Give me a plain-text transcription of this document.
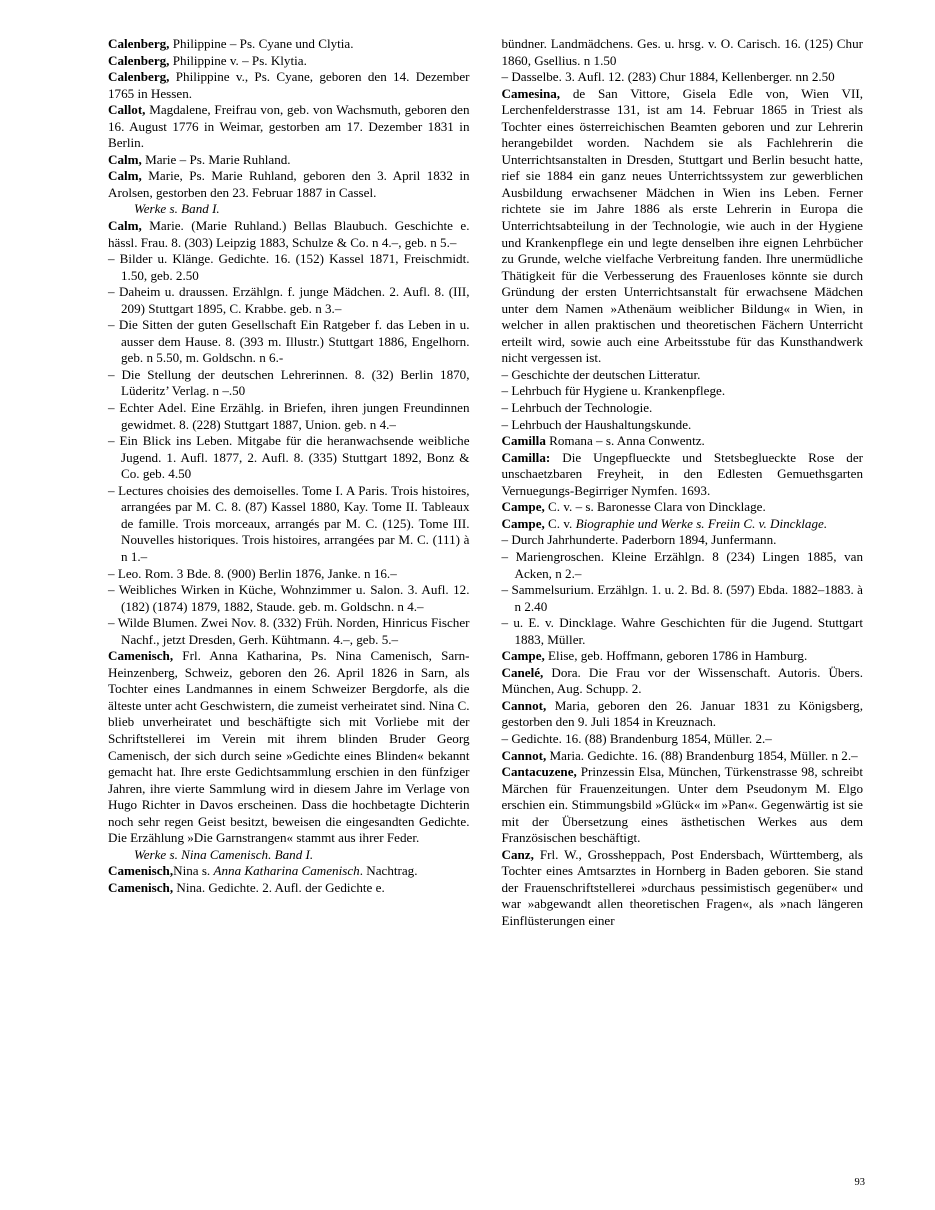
Calenberg, Philippine – Ps. Cyane und Clytia.

Calenberg, Philippine v. – Ps. Klytia.

Calenberg, Philippine v., Ps. Cyane, geboren den 14. Dezember 1765 in Hessen.

Callot, Magdalene, Freifrau von, geb. von Wachsmuth, geboren den 16. August 1776 in Weimar, gestorben am 17. Dezember 1831 in Berlin.

Calm, Marie – Ps. Marie Ruhland.

Calm, Marie, Ps. Marie Ruhland, geboren den 3. April 1832 in Arolsen, gestorben den 23. Februar 1887 in Cassel.

Werke s. Band I.

Calm, Marie. (Marie Ruhland.) Bellas Blaubuch. Geschichte e. hässl. Frau. 8. (303) Leipzig 1883, Schulze & Co. n 4.–, geb. n 5.–

– Bilder u. Klänge. Gedichte. 16. (152) Kassel 1871, Freischmidt. 1.50, geb. 2.50

– Daheim u. draussen. Erzählgn. f. junge Mädchen. 2. Aufl. 8. (III, 209) Stuttgart 1895, C. Krabbe. geb. n 3.–

– Die Sitten der guten Gesellschaft Ein Ratgeber f. das Leben in u. ausser dem Hause. 8. (393 m. Illustr.) Stuttgart 1886, Engelhorn. geb. n 5.50, m. Goldschn. n 6.-

– Die Stellung der deutschen Lehrerinnen. 8. (32) Berlin 1870, Lüderitz’ Verlag. n –.50

– Echter Adel. Eine Erzählg. in Briefen, ihren jungen Freundinnen gewidmet. 8. (228) Stuttgart 1887, Union. geb. n 4.–

– Ein Blick ins Leben. Mitgabe für die heranwachsende weibliche Jugend. 1. Aufl. 1877, 2. Aufl. 8. (335) Stuttgart 1892, Bonz & Co. geb. 4.50

– Lectures choisies des demoiselles. Tome I. A Paris. Trois histoires, arrangées par M. C. 8. (87) Kassel 1880, Kay. Tome II. Tableaux de famille. Trois morceaux, arrangés par M. C. (125). Tome III. Nouvelles historiques. Trois histoires, arrangées par M. C. (111) à n 1.–

– Leo. Rom. 3 Bde. 8. (900) Berlin 1876, Janke. n 16.–

– Weibliches Wirken in Küche, Wohnzimmer u. Salon. 3. Aufl. 12. (182) (1874) 1879, 1882, Staude. geb. m. Goldschn. n 4.–

– Wilde Blumen. Zwei Nov. 8. (332) Früh. Norden, Hinricus Fischer Nachf., jetzt Dresden, Gerh. Kühtmann. 4.–, geb. 5.–

Camenisch, Frl. Anna Katharina, Ps. Nina Camenisch, Sarn-Heinzenberg, Schweiz, geboren den 26. April 1826 in Sarn, als Tochter eines Landmannes in einem Schweizer Bergdorfe, als die älteste unter acht Geschwistern, die zumeist verheiratet sind. Nina C. blieb unverheiratet und beschäftigte sich mit Vorliebe mit der Schriftstellerei im Verein mit ihrem blinden Bruder Georg Camenisch, der sich durch seine »Gedichte eines Blinden« bekannt gemacht hat. Ihre erste Gedichtsammlung erschien in den fünfziger Jahren, ihre vierte Sammlung wird in diesem Jahre im Verlage von Hugo Richter in Davos erscheinen. Dass die hochbetagte Dichterin noch sehr regen Geist besitzt, beweisen die eingesandten Gedichte. Die Erzählung »Die Garnstrangen« stammt aus ihrer Feder.

Werke s. Nina Camenisch. Band I.

Camenisch,Nina s. Anna Katharina Camenisch. Nachtrag.

Camenisch, Nina. Gedichte. 2. Aufl. der Gedichte e.

bündner. Landmädchens. Ges. u. hrsg. v. O. Carisch. 16. (125) Chur 1860, Gsellius. n 1.50

– Dasselbe. 3. Aufl. 12. (283) Chur 1884, Kellenberger. nn 2.50

Camesina, de San Vittore, Gisela Edle von, Wien VII, Lerchenfelderstrasse 131, ist am 14. Februar 1865 in Triest als Tochter eines österreichischen Beamten geboren und zur Lehrerin herangebildet worden. Nachdem sie als Fachlehrerin die Unterrichtsanstalten in Dresden, Stuttgart und Berlin besucht hatte, rief sie 1884 ein ganz neues Unterrichtssystem zur gewerblichen Ausbildung erwachsener Mädchen in Wien ins Leben. Ferner richtete sie im Jahre 1886 als erste Lehrerin in Europa die Unterrichtsabteilung in der Technologie, wie auch in der Hygiene und Krankenpflege ein und legte denselben ihre eignen Lehrbücher zu Grunde, welche vielfache Verbreitung fanden. Ihre unermüdliche Thätigkeit für die Verbesserung des Frauenloses könnte sie durch Gründung der ersten Unterrichtsanstalt für erwachsene Mädchen unter dem Namen »Athenäum weiblicher Bildung« in Wien, in welcher in allen praktischen und theoretischen Fächern Unterricht erteilt wird, sowie auch eine Arbeitsstube für das Kunsthandwerk nicht vergessen ist.

– Geschichte der deutschen Litteratur.

– Lehrbuch für Hygiene u. Krankenpflege.

– Lehrbuch der Technologie.

– Lehrbuch der Haushaltungskunde.

Camilla Romana – s. Anna Conwentz.

Camilla: Die Ungepflueckte und Stetsbeglueckte Rose der unschaetzbaren Freyheit, in den Edlesten Gemuethsgarten Vernuegungs-Begirriger Nymfen. 1693.

Campe, C. v. – s. Baronesse Clara von Dincklage.

Campe, C. v. Biographie und Werke s. Freiin C. v. Dincklage.

– Durch Jahrhunderte. Paderborn 1894, Junfermann.

– Mariengroschen. Kleine Erzählgn. 8 (234) Lingen 1885, van Acken, n 2.–

– Sammelsurium. Erzählgn. 1. u. 2. Bd. 8. (597) Ebda. 1882–1883. à n 2.40

– u. E. v. Dincklage. Wahre Geschichten für die Jugend. Stuttgart 1883, Müller.

Campe, Elise, geb. Hoffmann, geboren 1786 in Hamburg.

Canelé, Dora. Die Frau vor der Wissenschaft. Autoris. Übers. München, Aug. Schupp. 2.

Cannot, Maria, geboren den 26. Januar 1831 zu Königsberg, gestorben den 9. Juli 1854 in Kreuznach.

– Gedichte. 16. (88) Brandenburg 1854, Müller. 2.–

Cannot, Maria. Gedichte. 16. (88) Brandenburg 1854, Müller. n 2.–

Cantacuzene, Prinzessin Elsa, München, Türkenstrasse 98, schreibt Märchen für Frauenzeitungen. Unter dem Pseudonym M. Elgo erschien ein. Stimmungsbild »Glück« im »Pan«. Gegenwärtig ist sie mit der Übersetzung eines ästhetischen Werkes aus dem Französischen beschäftigt.

Canz, Frl. W., Grossheppach, Post Endersbach, Württemberg, als Tochter eines Amtsarztes in Hornberg in Baden geboren. Sie stand der Frauenschriftstellerei »durchaus pessimistisch gegenüber« und war »abgewandt allen theoretischen Fragen«, als »nach längeren Einflüsterungen einer

93
